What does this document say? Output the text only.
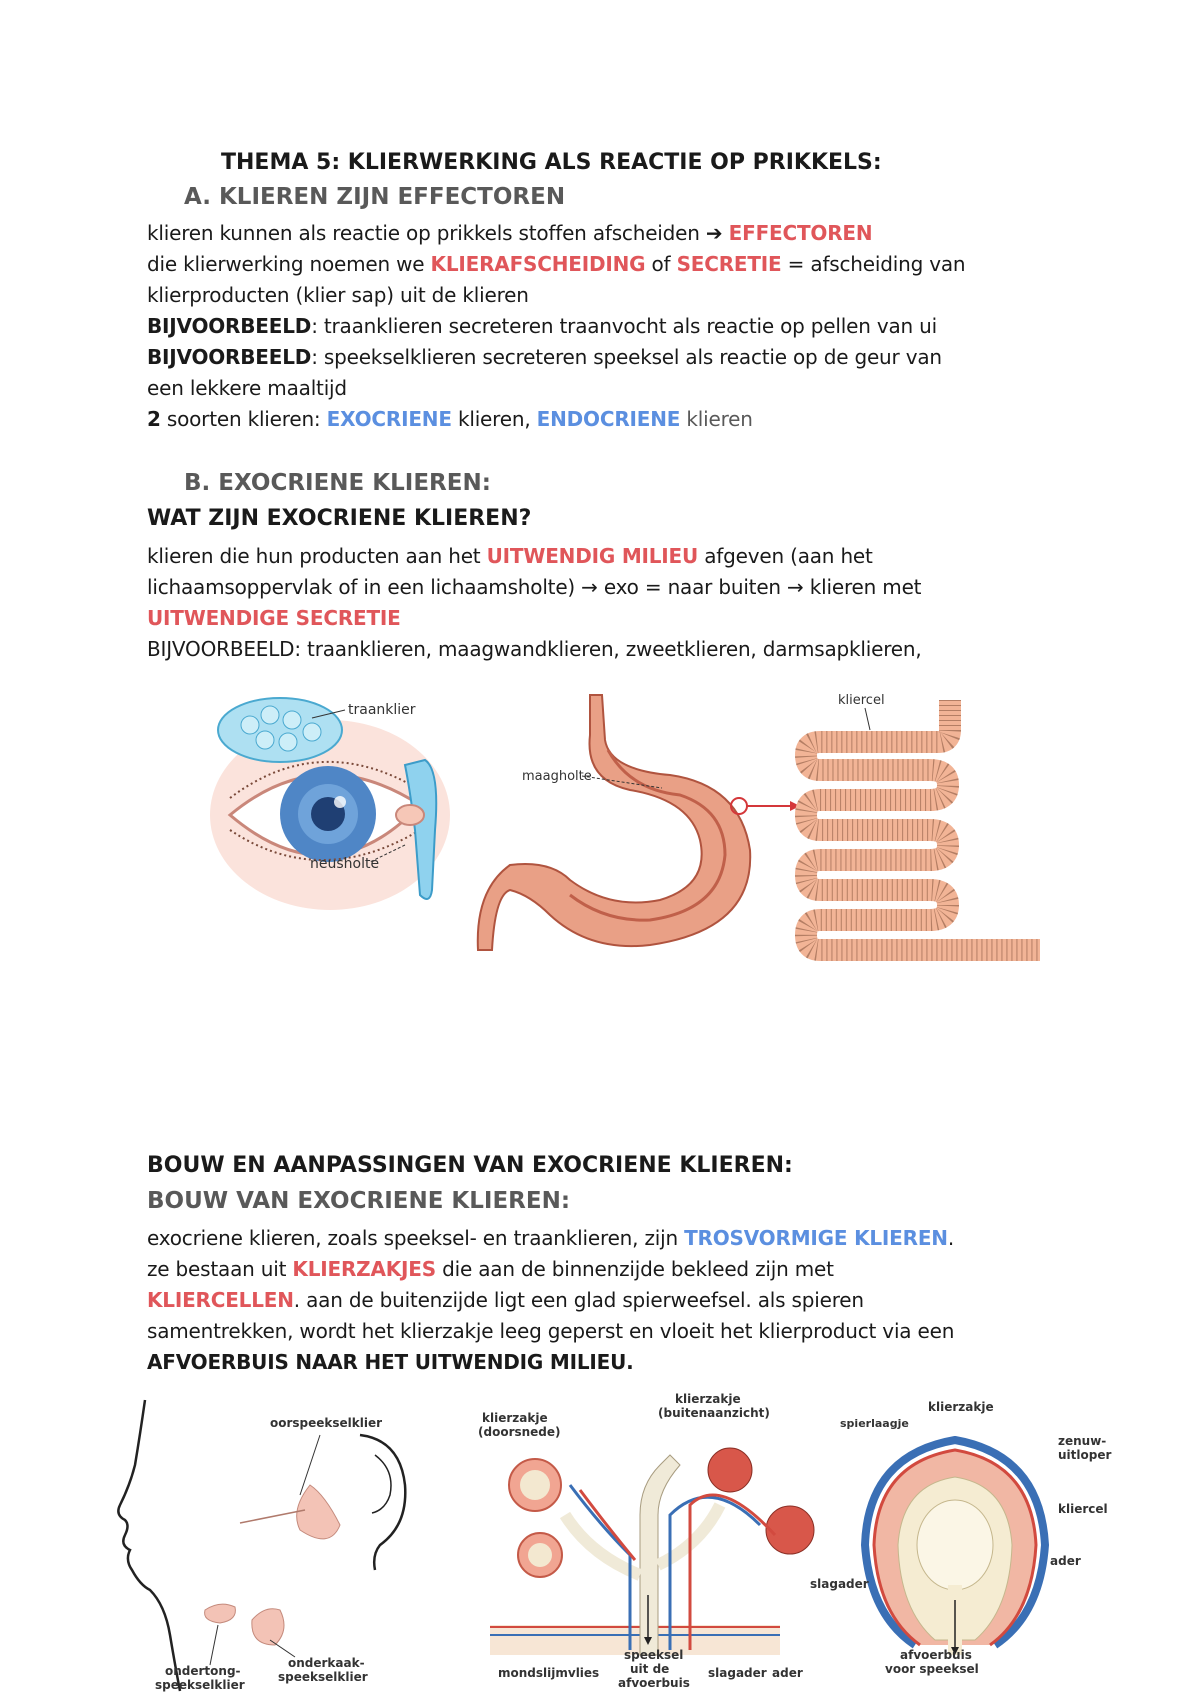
THEMA 5: KLIERWERKING ALS REACTIE OP PRIKKELS:
A. KLIEREN ZIJN EFFECTOREN
klieren kunnen als reactie op prikkels stoffen afscheiden ➔ EFFECTOREN
die klierwerking noemen we KLIERAFSCHEIDING of SECRETIE = afscheiding van
klierproducten (klier sap) uit de klieren
BIJVOORBEELD: traanklieren secreteren traanvocht als reactie op pellen van ui
BIJVOORBEELD: speekselklieren secreteren speeksel als reactie op de geur van
een lekkere maaltijd
2 soorten klieren: EXOCRIENE klieren, ENDOCRIENE klieren
B. EXOCRIENE KLIEREN:
WAT ZIJN EXOCRIENE KLIEREN?
klieren die hun producten aan het UITWENDIG MILIEU afgeven (aan het
lichaamsoppervlak of in een lichaamsholte) → exo = naar buiten → klieren met
UITWENDIGE SECRETIE
BIJVOORBEELD: traanklieren, maagwandklieren, zweetklieren, darmsapklieren,
traanklier
neusholte
maagholte
kliercel
BOUW EN AANPASSINGEN VAN EXOCRIENE KLIEREN:
BOUW VAN EXOCRIENE KLIEREN:
exocriene klieren, zoals speeksel- en traanklieren, zijn TROSVORMIGE KLIEREN.
ze bestaan uit KLIERZAKJES die aan de binnenzijde bekleed zijn met
KLIERCELLEN. aan de buitenzijde ligt een glad spierweefsel. als spieren
samentrekken, wordt het klierzakje leeg geperst en vloeit het klierproduct via een
AFVOERBUIS NAAR HET UITWENDIG MILIEU.
oorspeekselklier
onderkaak-
speekselklier
ondertong-
speekselklier
klierzakje
(doorsnede)
klierzakje
(buitenaanzicht)
mondslijmvlies
speeksel
uit de
afvoerbuis
slagader ader
spierlaagje
klierzakje
zenuw-
uitloper
kliercel
ader
slagader
afvoerbuis
voor speeksel
